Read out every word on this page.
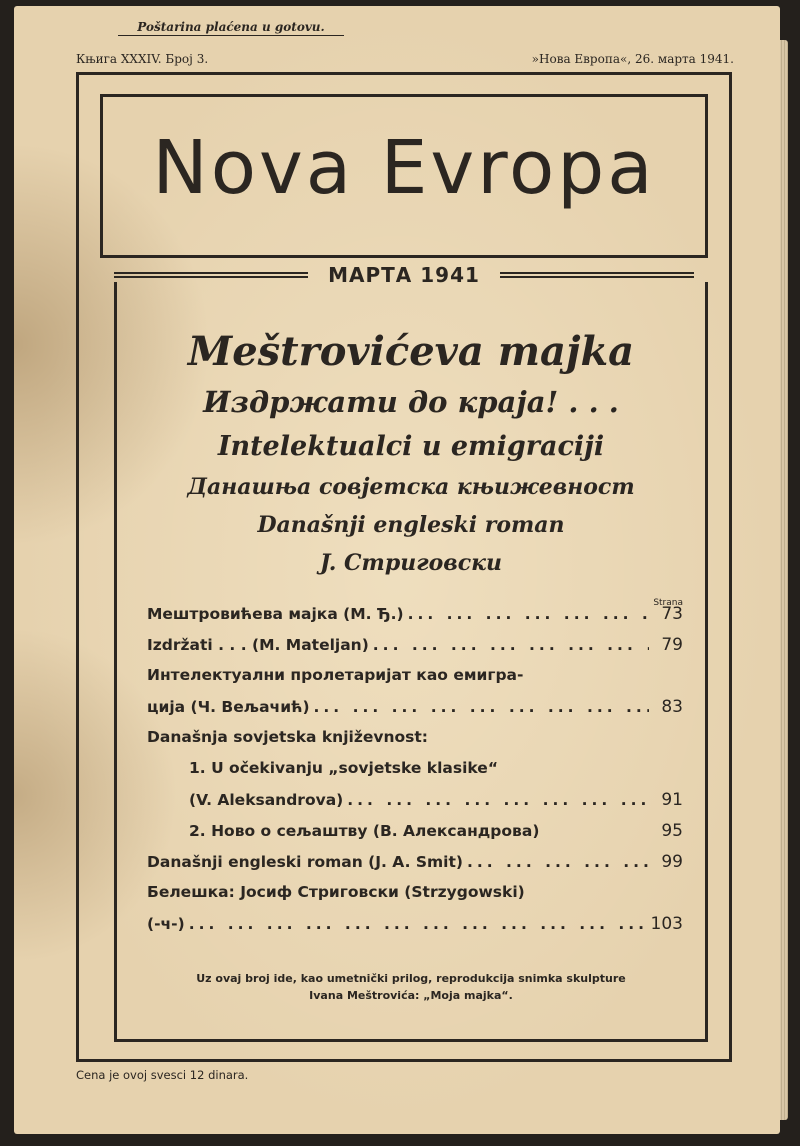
Poštarina plaćena u gotovu.
Књига XXXIV. Број 3.	»Нова Европа«, 26. марта 1941.
Nova Evropa
МАРТА 1941
Meštrovićeva majka
Издржати до краја! . . .
Intelektualci u emigraciji
Данашња совјетска књижевност
Današnji engleski roman
J. Стриговски
Strana
Мештровићева мајка (М. Ђ.) ... .	73
Izdržati . . . (M. Mateljan) ... .	79
Интелектуални пролетаријат као емигра-
ција (Ч. Вељачић) ... .	83
Današnja sovjetska književnost:
1. U očekivanju „sovjetske klasike“
(V. Aleksandrova) ... .	91
2. Ново о сељаштву (В. Александрова)	95
Današnji engleski roman (J. A. Smit) ... .	99
Белешка: Јосиф Стриговски (Strzygowski)
(-ч-) ... .	103
Uz ovaj broj ide, kao umetnički prilog, reprodukcija snimka skulpture
Ivana Meštrovića: „Moja majka“.
Cena je ovoj svesci 12 dinara.
